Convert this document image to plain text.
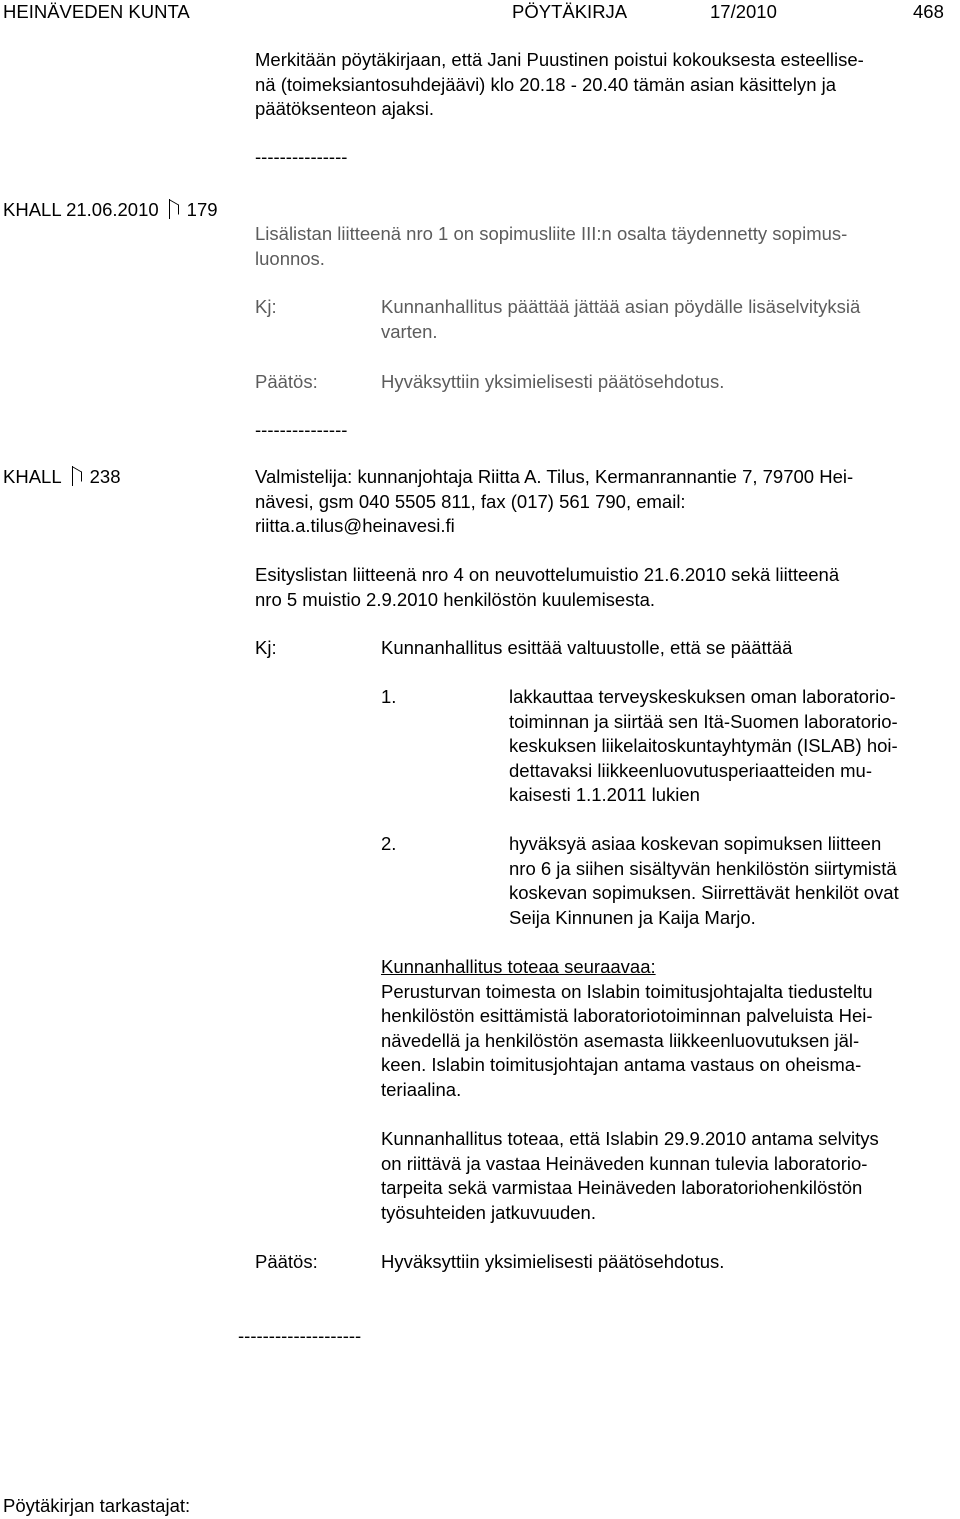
HEINÄVEDEN KUNTA	PÖYTÄKIRJA	17/2010	468
Merkitään pöytäkirjaan, että Jani Puustinen poistui kokouksesta esteellise-
nä (toimeksiantosuhdejäävi) klo 20.18 - 20.40 tämän asian käsittelyn ja
päätöksenteon ajaksi.
---------------
KHALL 21.06.2010 179
Lisälistan liitteenä nro 1 on sopimusliite III:n osalta täydennetty sopimus-
luonnos.
Kj:	Kunnanhallitus päättää jättää asian pöydälle lisäselvityksiä
varten.
Päätös:	Hyväksyttiin yksimielisesti päätösehdotus.
---------------
KHALL 238	Valmistelija: kunnanjohtaja Riitta A. Tilus, Kermanrannantie 7, 79700 Hei-
nävesi, gsm 040 5505 811, fax (017) 561 790, email:
riitta.a.tilus@heinavesi.fi
Esityslistan liitteenä nro 4 on neuvottelumuistio 21.6.2010 sekä liitteenä
nro 5 muistio 2.9.2010 henkilöstön kuulemisesta.
Kj:	Kunnanhallitus esittää valtuustolle, että se päättää
1.	lakkauttaa terveyskeskuksen oman laboratorio-
toiminnan ja siirtää sen Itä-Suomen laboratorio-
keskuksen liikelaitoskuntayhtymän (ISLAB) hoi-
dettavaksi liikkeenluovutusperiaatteiden mu-
kaisesti 1.1.2011 lukien
2.	hyväksyä asiaa koskevan sopimuksen liitteen
nro 6 ja siihen sisältyvän henkilöstön siirtymistä
koskevan sopimuksen. Siirrettävät henkilöt ovat
Seija Kinnunen ja Kaija Marjo.
Kunnanhallitus toteaa seuraavaa:
Perusturvan toimesta on Islabin toimitusjohtajalta tiedusteltu
henkilöstön esittämistä laboratoriotoiminnan palveluista Hei-
nävedellä ja henkilöstön asemasta liikkeenluovutuksen jäl-
keen. Islabin toimitusjohtajan antama vastaus on oheisma-
teriaalina.
Kunnanhallitus toteaa, että Islabin 29.9.2010 antama selvitys
on riittävä ja vastaa Heinäveden kunnan tulevia laboratorio-
tarpeita sekä varmistaa Heinäveden laboratoriohenkilöstön
työsuhteiden jatkuvuuden.
Päätös:	Hyväksyttiin yksimielisesti päätösehdotus.
--------------------
Pöytäkirjan tarkastajat:
